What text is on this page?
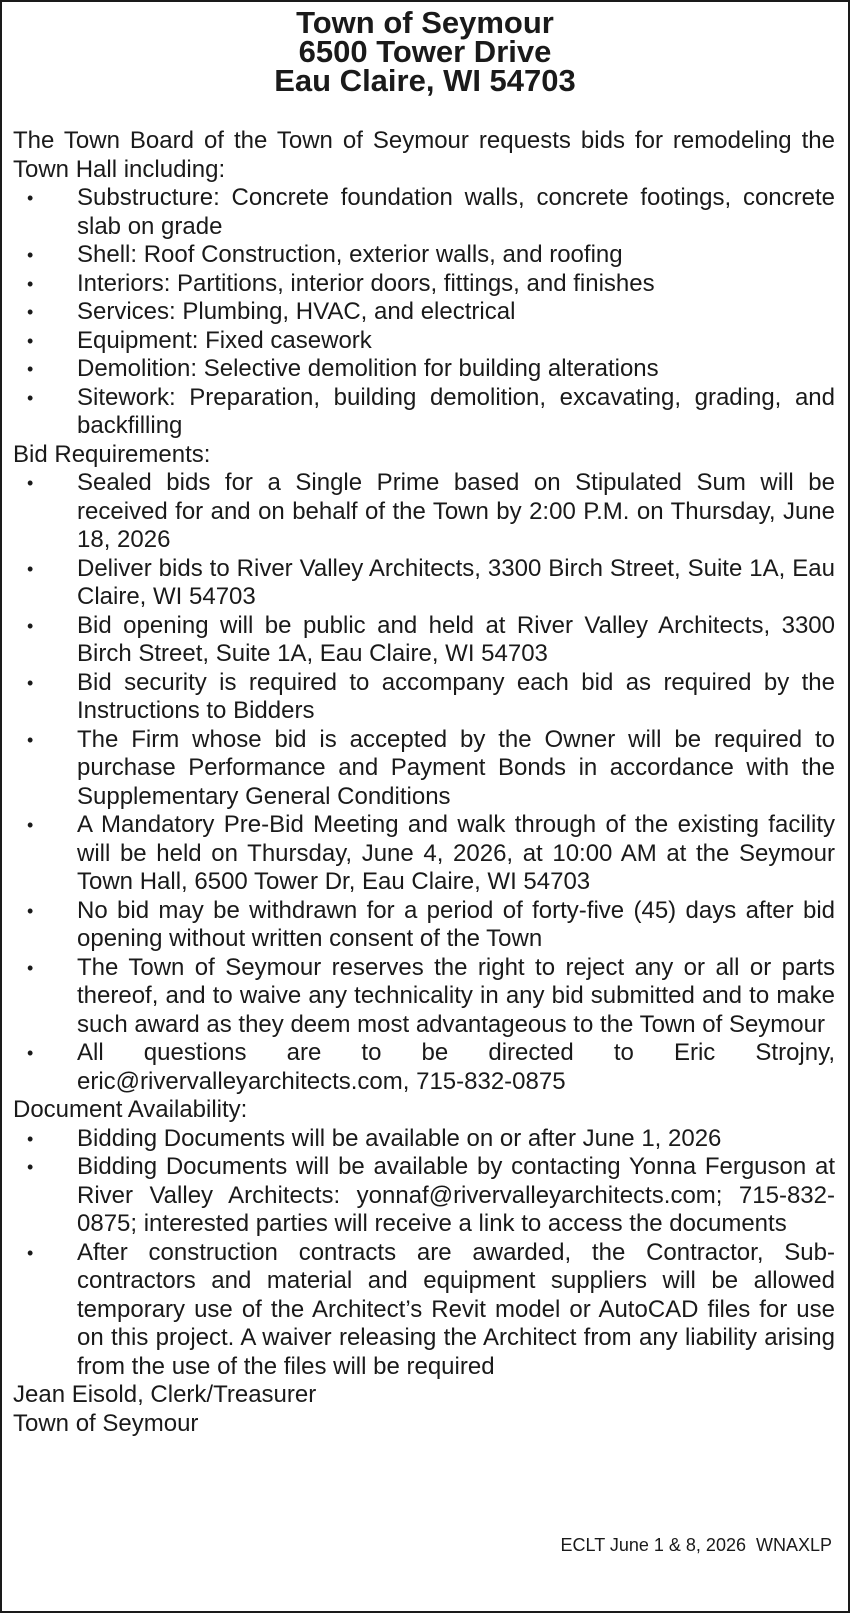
Town of Seymour
6500 Tower Drive
Eau Claire, WI 54703

The Town Board of the Town of Seymour requests bids for remodeling the Town Hall including:

• Substructure: Concrete foundation walls, concrete footings, concrete slab on grade
• Shell: Roof Construction, exterior walls, and roofing
• Interiors: Partitions, interior doors, fittings, and finishes
• Services: Plumbing, HVAC, and electrical
• Equipment: Fixed casework
• Demolition: Selective demolition for building alterations
• Sitework: Preparation, building demolition, excavating, grading, and backfilling

Bid Requirements:

• Sealed bids for a Single Prime based on Stipulated Sum will be received for and on behalf of the Town by 2:00 P.M. on Thursday, June 18, 2026
• Deliver bids to River Valley Architects, 3300 Birch Street, Suite 1A, Eau Claire, WI 54703
• Bid opening will be public and held at River Valley Architects, 3300 Birch Street, Suite 1A, Eau Claire, WI 54703
• Bid security is required to accompany each bid as required by the Instructions to Bidders
• The Firm whose bid is accepted by the Owner will be required to purchase Performance and Payment Bonds in accordance with the Supplementary General Conditions
• A Mandatory Pre-Bid Meeting and walk through of the existing facility will be held on Thursday, June 4, 2026, at 10:00 AM at the Seymour Town Hall, 6500 Tower Dr, Eau Claire, WI 54703
• No bid may be withdrawn for a period of forty-five (45) days after bid opening without written consent of the Town
• The Town of Seymour reserves the right to reject any or all or parts thereof, and to waive any technicality in any bid submitted and to make such award as they deem most advantageous to the Town of Seymour
• All questions are to be directed to Eric Strojny, eric@rivervalleyarchitects.com, 715-832-0875

Document Availability:

• Bidding Documents will be available on or after June 1, 2026
• Bidding Documents will be available by contacting Yonna Ferguson at River Valley Architects: yonnaf@rivervalleyarchitects.com; 715-832-0875; interested parties will receive a link to access the documents
• After construction contracts are awarded, the Contractor, Sub-contractors and material and equipment suppliers will be allowed temporary use of the Architect’s Revit model or AutoCAD files for use on this project. A waiver releasing the Architect from any liability arising from the use of the files will be required

Jean Eisold, Clerk/Treasurer

Town of Seymour

ECLT June 1 & 8, 2026  WNAXLP
